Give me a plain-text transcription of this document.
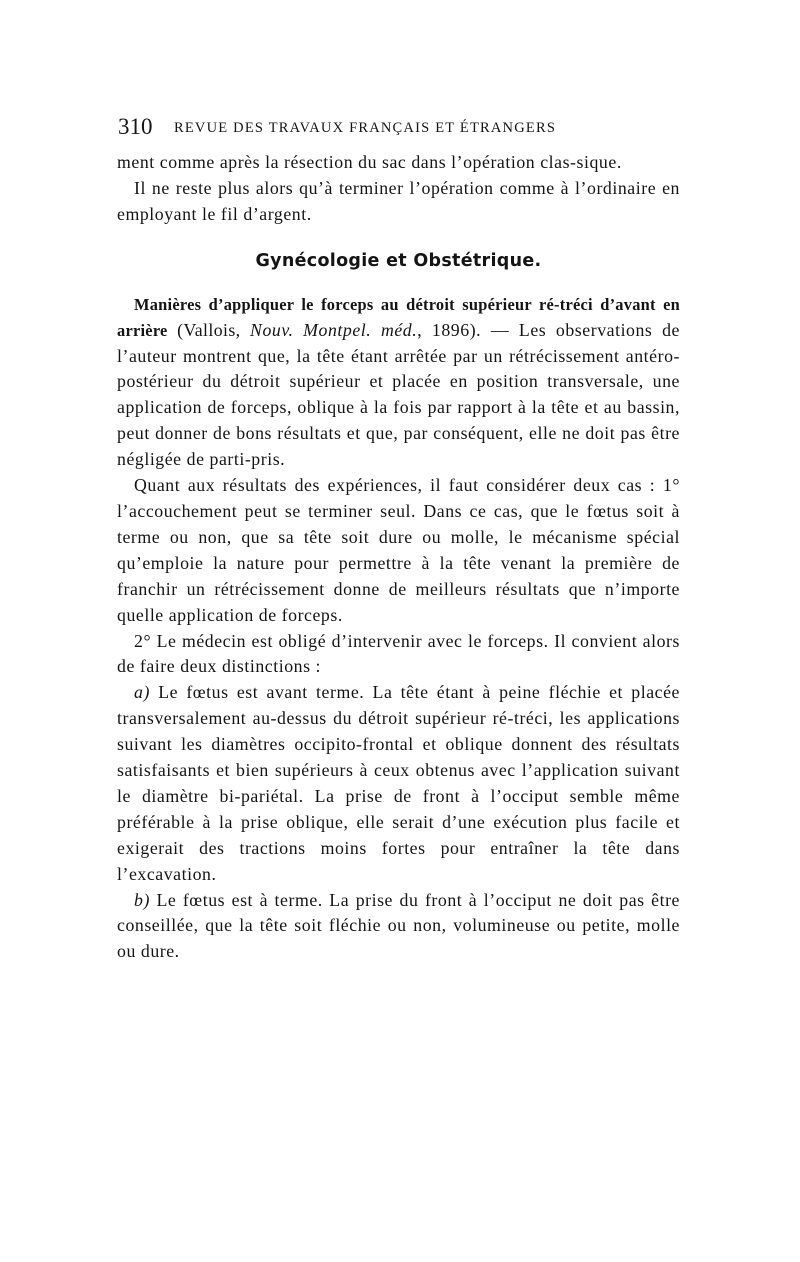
310 REVUE DES TRAVAUX FRANÇAIS ET ÉTRANGERS

ment comme après la résection du sac dans l’opération clas-sique.

Il ne reste plus alors qu’à terminer l’opération comme à l’ordinaire en employant le fil d’argent.

Gynécologie et Obstétrique.

Manières d’appliquer le forceps au détroit supérieur ré-tréci d’avant en arrière (Vallois, Nouv. Montpel. méd., 1896). — Les observations de l’auteur montrent que, la tête étant arrêtée par un rétrécissement antéro-postérieur du détroit supérieur et placée en position transversale, une application de forceps, oblique à la fois par rapport à la tête et au bassin, peut donner de bons résultats et que, par conséquent, elle ne doit pas être négligée de parti-pris.

Quant aux résultats des expériences, il faut considérer deux cas : 1° l’accouchement peut se terminer seul. Dans ce cas, que le fœtus soit à terme ou non, que sa tête soit dure ou molle, le mécanisme spécial qu’emploie la nature pour permettre à la tête venant la première de franchir un rétrécissement donne de meilleurs résultats que n’importe quelle application de forceps.

2° Le médecin est obligé d’intervenir avec le forceps. Il convient alors de faire deux distinctions :

a) Le fœtus est avant terme. La tête étant à peine fléchie et placée transversalement au-dessus du détroit supérieur ré-tréci, les applications suivant les diamètres occipito-frontal et oblique donnent des résultats satisfaisants et bien supérieurs à ceux obtenus avec l’application suivant le diamètre bi-pariétal. La prise de front à l’occiput semble même préférable à la prise oblique, elle serait d’une exécution plus facile et exigerait des tractions moins fortes pour entraîner la tête dans l’excavation.

b) Le fœtus est à terme. La prise du front à l’occiput ne doit pas être conseillée, que la tête soit fléchie ou non, volumineuse ou petite, molle ou dure.
